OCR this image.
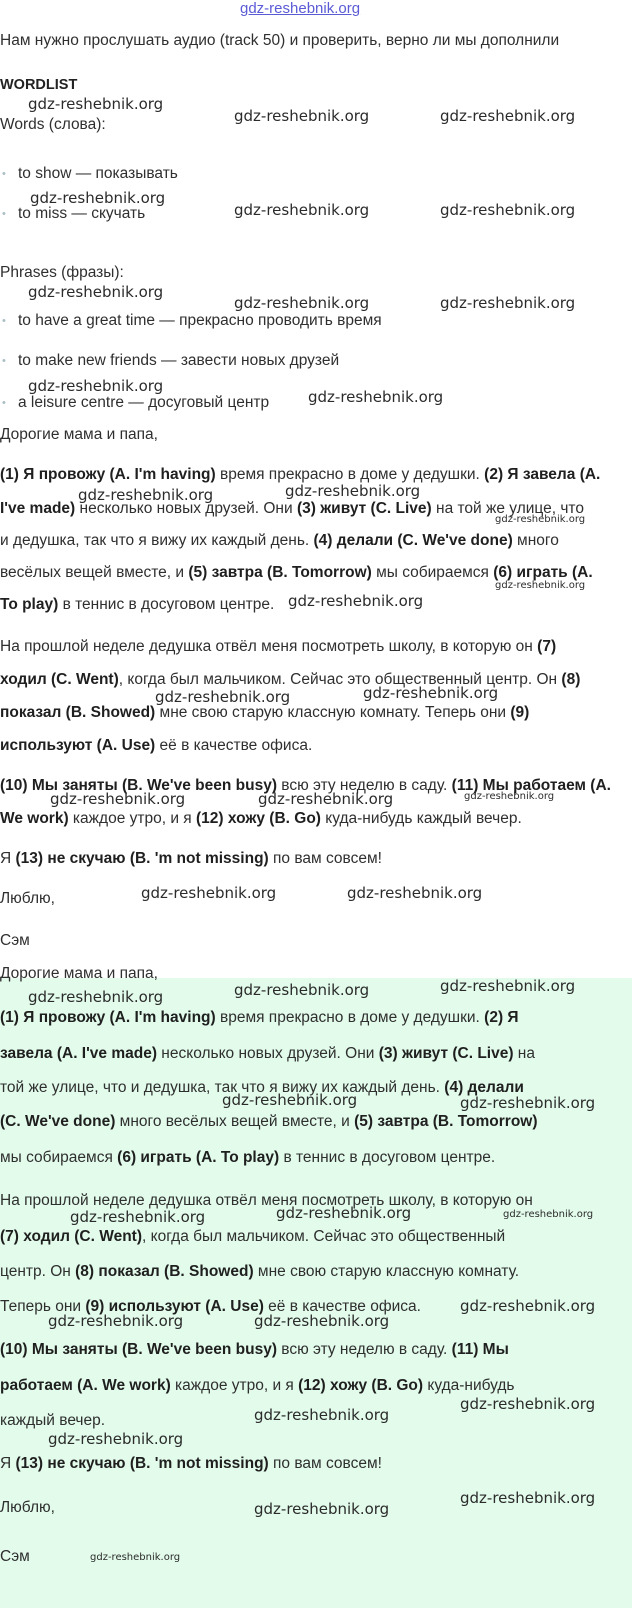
gdz-reshebnik.org
Нам нужно прослушать аудио (track 50) и проверить, верно ли мы дополнили
WORDLIST
Words (слова):
• to show — показывать
• to miss — скучать
Phrases (фразы):
• to have a great time — прекрасно проводить время
• to make new friends — завести новых друзей
• a leisure centre — досуговый центр
Дорогие мама и папа,
(1) Я провожу (A. I'm having) время прекрасно в доме у дедушки. (2) Я завела (A.
I've made) несколько новых друзей. Они (3) живут (C. Live) на той же улице, что
и дедушка, так что я вижу их каждый день. (4) делали (C. We've done) много
весёлых вещей вместе, и (5) завтра (B. Tomorrow) мы собираемся (6) играть (A.
To play) в теннис в досуговом центре.
На прошлой неделе дедушка отвёл меня посмотреть школу, в которую он (7)
ходил (C. Went), когда был мальчиком. Сейчас это общественный центр. Он (8)
показал (B. Showed) мне свою старую классную комнату. Теперь они (9)
используют (A. Use) её в качестве офиса.
(10) Мы заняты (B. We've been busy) всю эту неделю в саду. (11) Мы работаем (A.
We work) каждое утро, и я (12) хожу (B. Go) куда-нибудь каждый вечер.
Я (13) не скучаю (B. 'm not missing) по вам совсем!
Люблю,
Сэм
Дорогие мама и папа,
(1) Я провожу (A. I'm having) время прекрасно в доме у дедушки. (2) Я
завела (A. I've made) несколько новых друзей. Они (3) живут (C. Live) на
той же улице, что и дедушка, так что я вижу их каждый день. (4) делали
(C. We've done) много весёлых вещей вместе, и (5) завтра (B. Tomorrow)
мы собираемся (6) играть (A. To play) в теннис в досуговом центре.
На прошлой неделе дедушка отвёл меня посмотреть школу, в которую он
(7) ходил (C. Went), когда был мальчиком. Сейчас это общественный
центр. Он (8) показал (B. Showed) мне свою старую классную комнату.
Теперь они (9) используют (A. Use) её в качестве офиса.
(10) Мы заняты (B. We've been busy) всю эту неделю в саду. (11) Мы
работаем (A. We work) каждое утро, и я (12) хожу (B. Go) куда-нибудь
каждый вечер.
Я (13) не скучаю (B. 'm not missing) по вам совсем!
Люблю,
Сэм
gdz-reshebnik.org
gdz-reshebnik.org	gdz-reshebnik.org
gdz-reshebnik.org
gdz-reshebnik.org	gdz-reshebnik.org
gdz-reshebnik.org
gdz-reshebnik.org	gdz-reshebnik.org
gdz-reshebnik.org
gdz-reshebnik.org
gdz-reshebnik.org	gdz-reshebnik.org
gdz-reshebnik.org
gdz-reshebnik.org
gdz-reshebnik.org
gdz-reshebnik.org	gdz-reshebnik.org
gdz-reshebnik.org	gdz-reshebnik.org	gdz-reshebnik.org
gdz-reshebnik.org	gdz-reshebnik.org
gdz-reshebnik.org	gdz-reshebnik.org	gdz-reshebnik.org
gdz-reshebnik.org	gdz-reshebnik.org
gdz-reshebnik.org	gdz-reshebnik.org	gdz-reshebnik.org
gdz-reshebnik.org
gdz-reshebnik.org	gdz-reshebnik.org
gdz-reshebnik.org
gdz-reshebnik.org
gdz-reshebnik.org
gdz-reshebnik.org
gdz-reshebnik.org
gdz-reshebnik.org
